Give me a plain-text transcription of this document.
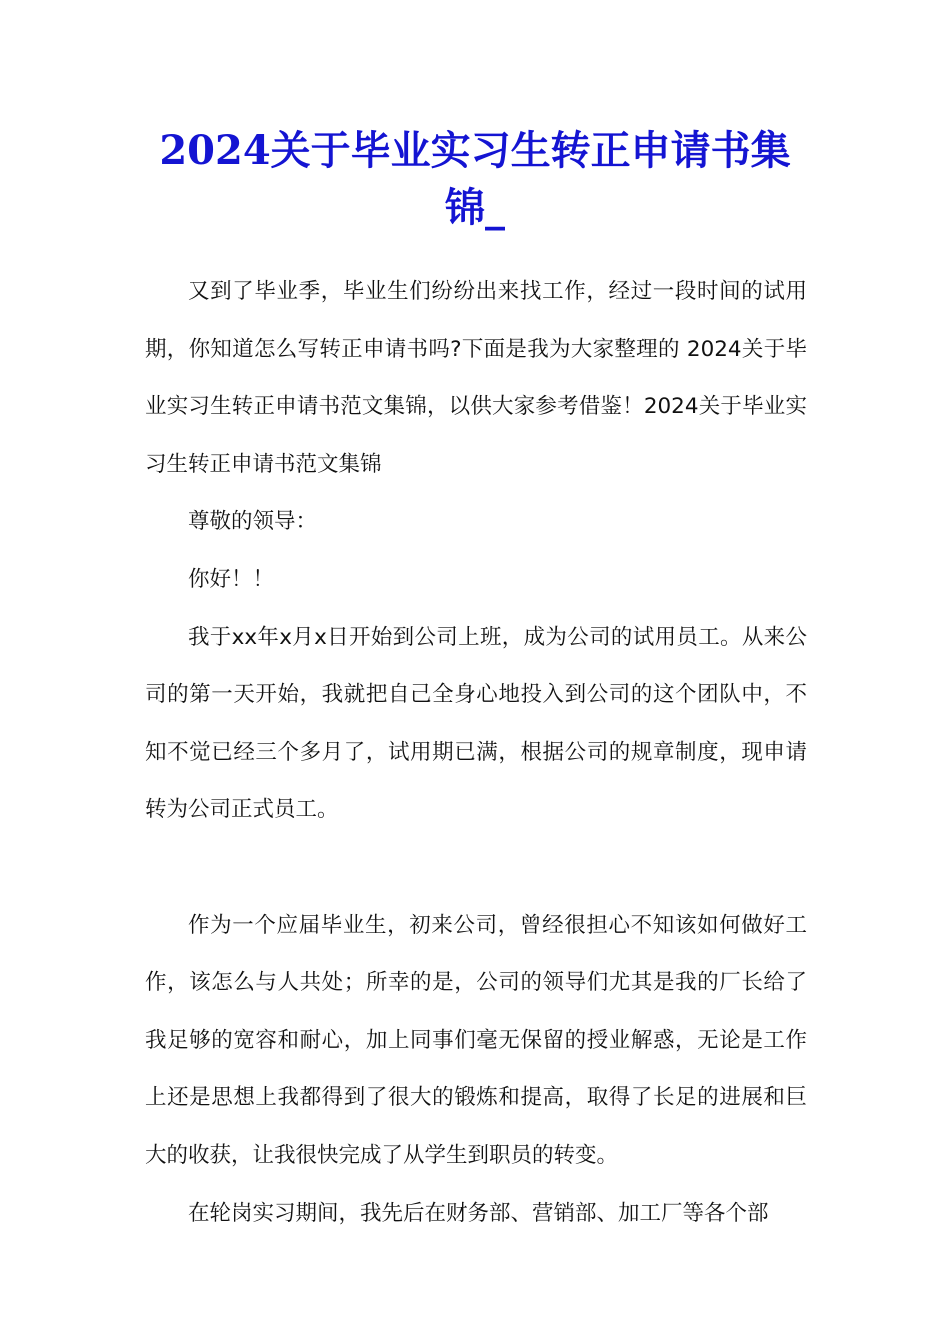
2024关于毕业实习生转正申请书集锦_

又到了毕业季，毕业生们纷纷出来找工作，经过一段时间的试用期，你知道怎么写转正申请书吗?下面是我为大家整理的 2024关于毕业实习生转正申请书范文集锦，以供大家参考借鉴！2024关于毕业实习生转正申请书范文集锦

尊敬的领导：

你好！！

我于xx年x月x日开始到公司上班，成为公司的试用员工。从来公司的第一天开始，我就把自己全身心地投入到公司的这个团队中，不知不觉已经三个多月了，试用期已满，根据公司的规章制度，现申请转为公司正式员工。

作为一个应届毕业生，初来公司，曾经很担心不知该如何做好工作，该怎么与人共处；所幸的是，公司的领导们尤其是我的厂长给了我足够的宽容和耐心，加上同事们毫无保留的授业解惑，无论是工作上还是思想上我都得到了很大的锻炼和提高，取得了长足的进展和巨大的收获，让我很快完成了从学生到职员的转变。

在轮岗实习期间，我先后在财务部、营销部、加工厂等各个部
